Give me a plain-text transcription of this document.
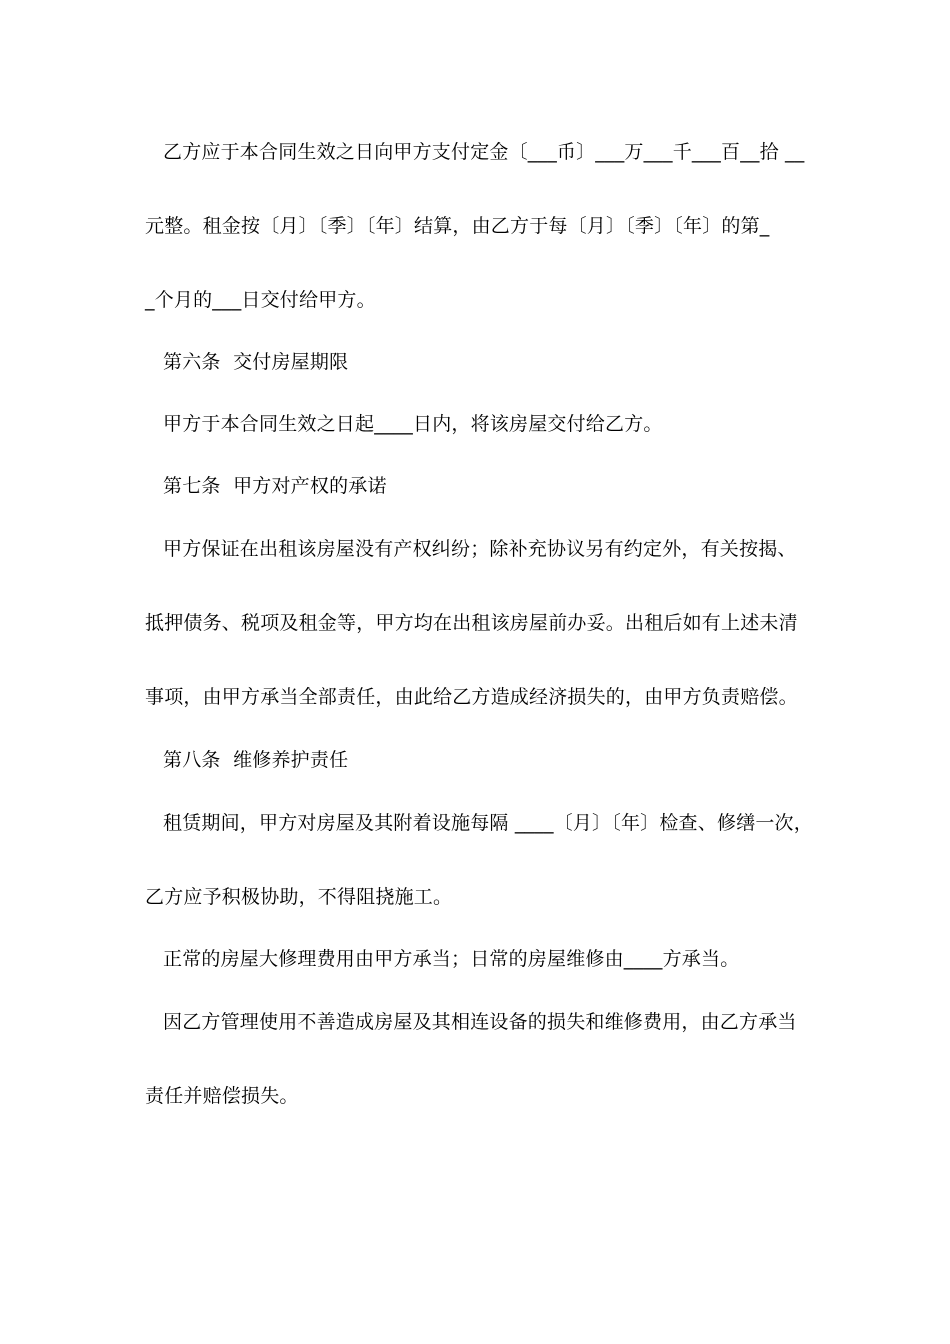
乙方应于本合同生效之日向甲方支付定金〔___币〕___万___千___百__拾 __
元整。租金按〔月〕〔季〕〔年〕结算，由乙方于每〔月〕〔季〕〔年〕的第_
_个月的___日交付给甲方。
第六条  交付房屋期限
甲方于本合同生效之日起____日内，将该房屋交付给乙方。
第七条  甲方对产权的承诺
甲方保证在出租该房屋没有产权纠纷；除补充协议另有约定外，有关按揭、
抵押债务、税项及租金等，甲方均在出租该房屋前办妥。出租后如有上述未清
事项，由甲方承当全部责任，由此给乙方造成经济损失的，由甲方负责赔偿。
第八条  维修养护责任
租赁期间，甲方对房屋及其附着设施每隔 ____〔月〕〔年〕检查、修缮一次，
乙方应予积极协助，不得阻挠施工。
正常的房屋大修理费用由甲方承当；日常的房屋维修由____方承当。
因乙方管理使用不善造成房屋及其相连设备的损失和维修费用，由乙方承当
责任并赔偿损失。
